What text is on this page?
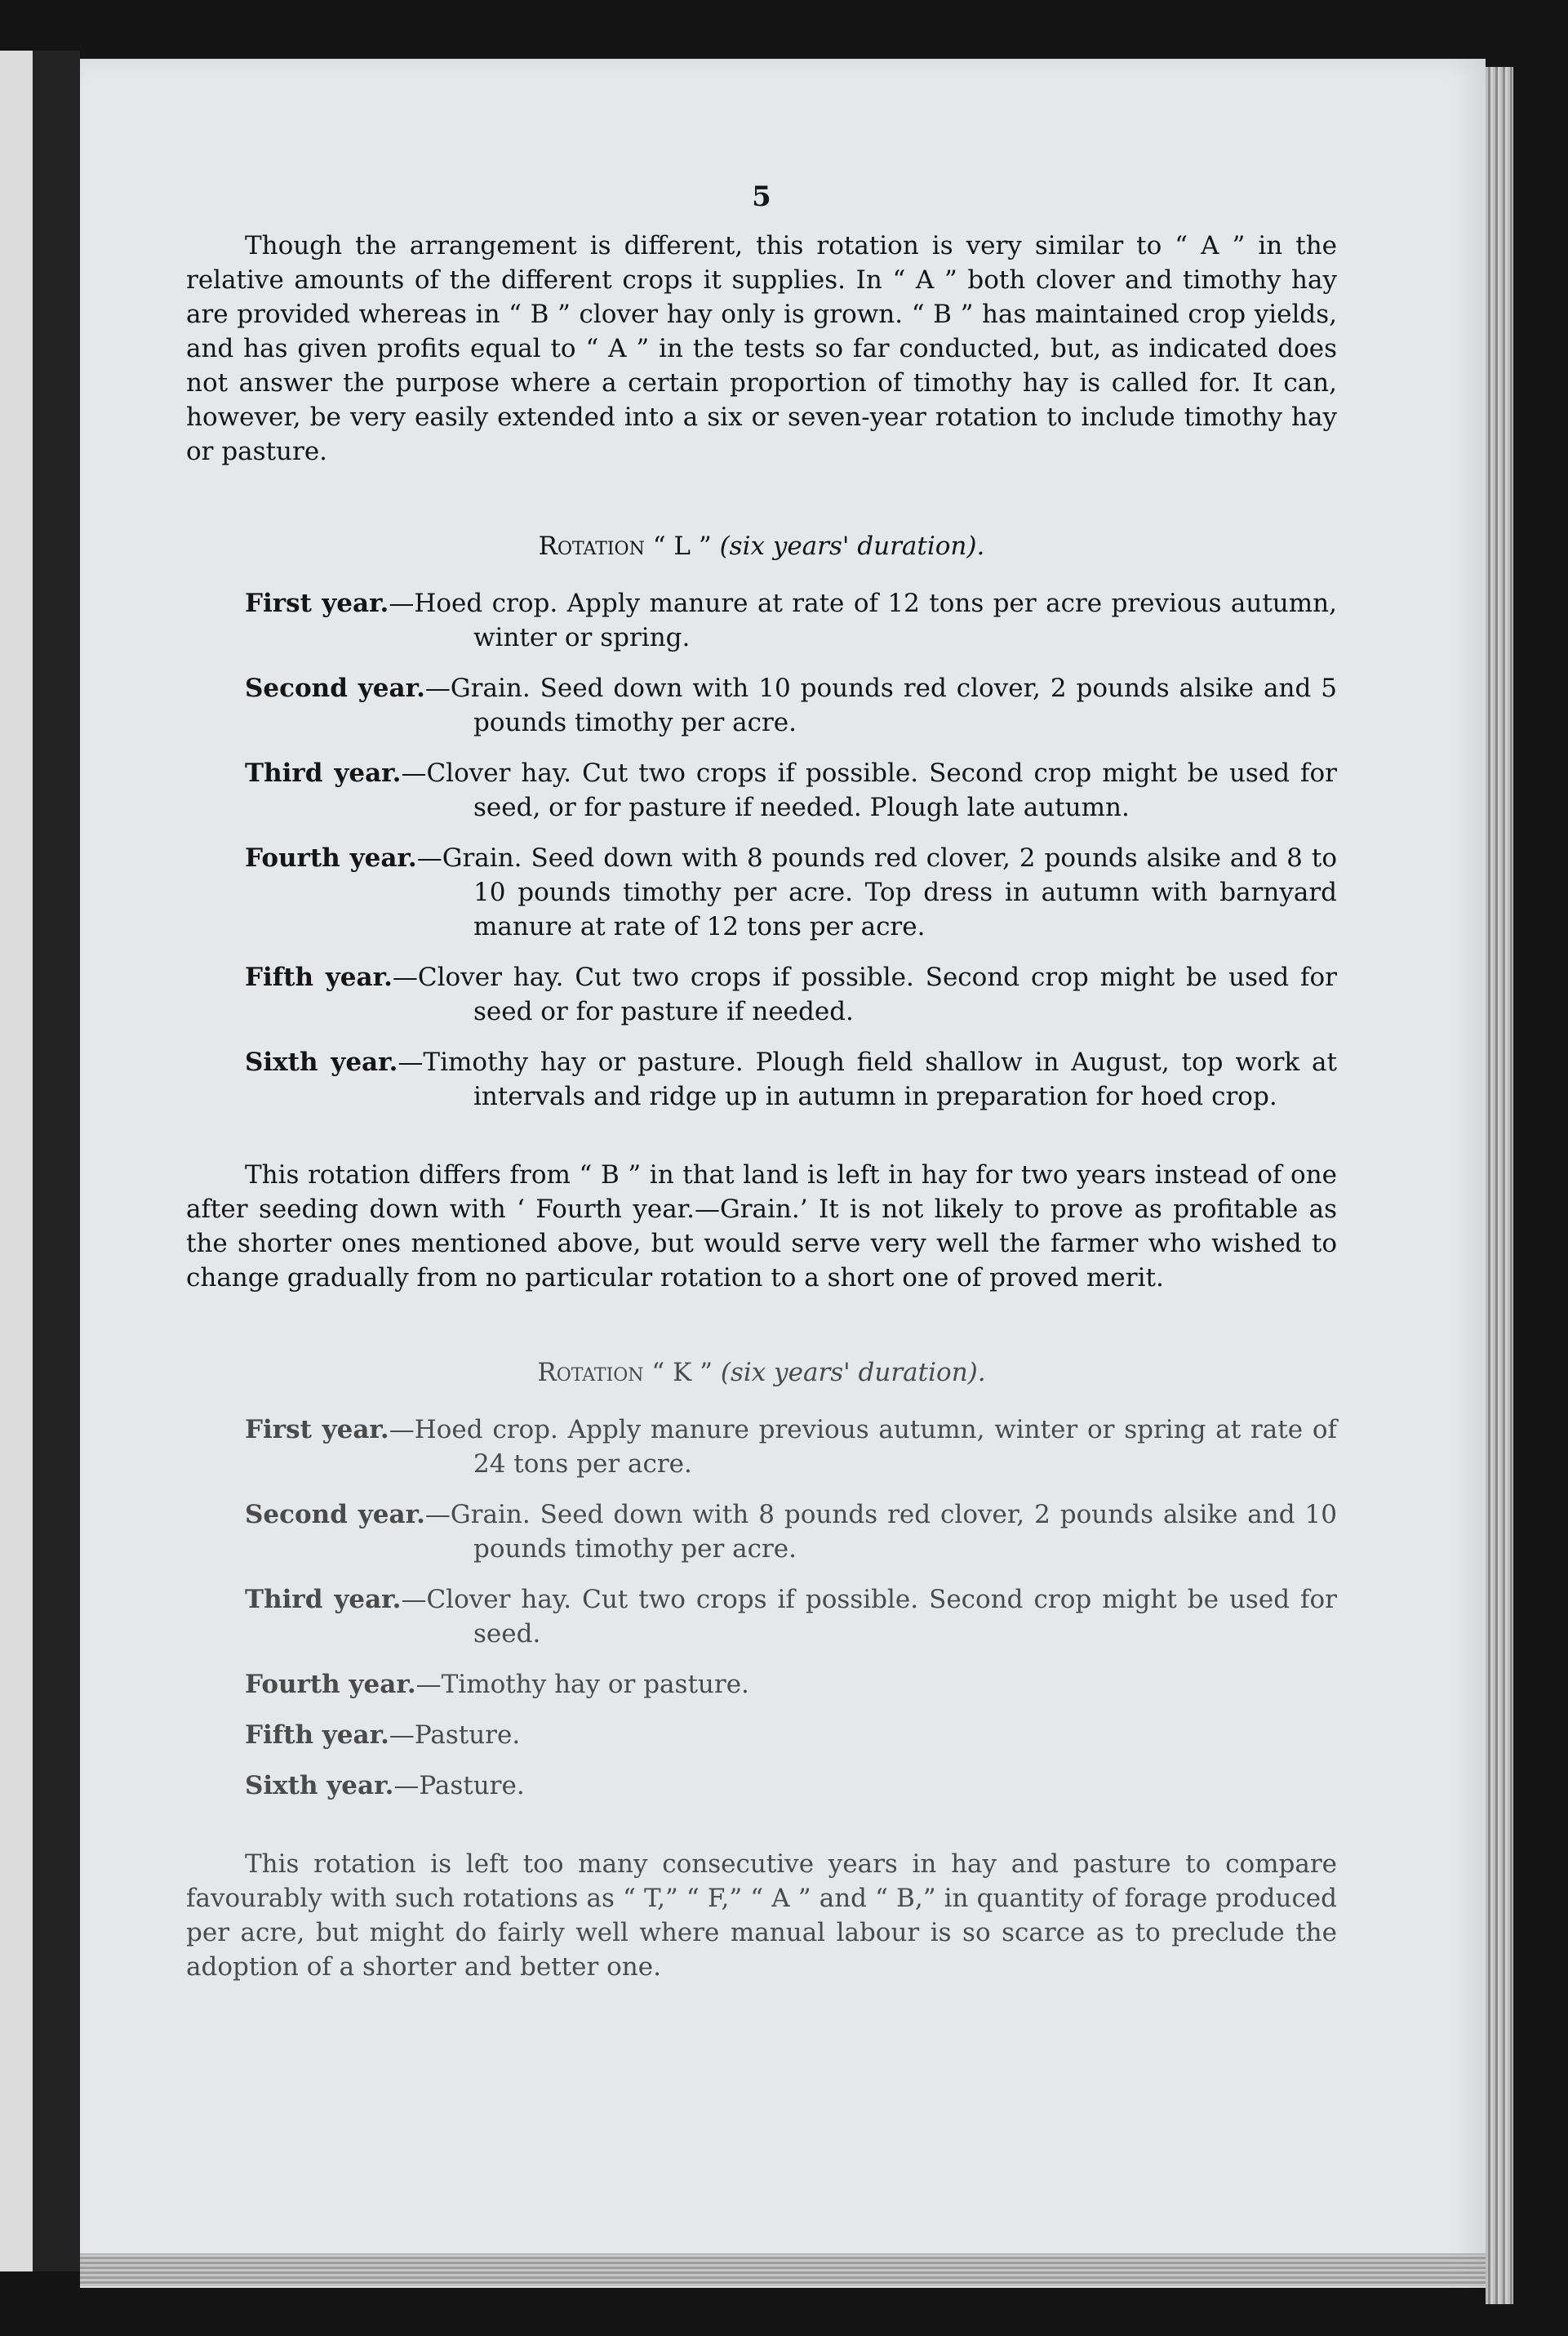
5

Though the arrangement is different, this rotation is very similar to “ A ” in the relative amounts of the different crops it supplies. In “ A ” both clover and timothy hay are provided whereas in “ B ” clover hay only is grown. “ B ” has maintained crop yields, and has given profits equal to “ A ” in the tests so far conducted, but, as indicated does not answer the purpose where a certain proportion of timothy hay is called for. It can, however, be very easily extended into a six or seven-year rotation to include timothy hay or pasture.

Rotation “ L ” (six years' duration).
First year.—Hoed crop. Apply manure at rate of 12 tons per acre previous autumn, winter or spring.
Second year.—Grain. Seed down with 10 pounds red clover, 2 pounds alsike and 5 pounds timothy per acre.
Third year.—Clover hay. Cut two crops if possible. Second crop might be used for seed, or for pasture if needed. Plough late autumn.
Fourth year.—Grain. Seed down with 8 pounds red clover, 2 pounds alsike and 8 to 10 pounds timothy per acre. Top dress in autumn with barnyard manure at rate of 12 tons per acre.
Fifth year.—Clover hay. Cut two crops if possible. Second crop might be used for seed or for pasture if needed.
Sixth year.—Timothy hay or pasture. Plough field shallow in August, top work at intervals and ridge up in autumn in preparation for hoed crop.

This rotation differs from “ B ” in that land is left in hay for two years instead of one after seeding down with ‘ Fourth year.—Grain.’ It is not likely to prove as profitable as the shorter ones mentioned above, but would serve very well the farmer who wished to change gradually from no particular rotation to a short one of proved merit.

Rotation “ K ” (six years' duration).
First year.—Hoed crop. Apply manure previous autumn, winter or spring at rate of 24 tons per acre.
Second year.—Grain. Seed down with 8 pounds red clover, 2 pounds alsike and 10 pounds timothy per acre.
Third year.—Clover hay. Cut two crops if possible. Second crop might be used for seed.
Fourth year.—Timothy hay or pasture.
Fifth year.—Pasture.
Sixth year.—Pasture.

This rotation is left too many consecutive years in hay and pasture to compare favourably with such rotations as “ T,” “ F,” “ A ” and “ B,” in quantity of forage produced per acre, but might do fairly well where manual labour is so scarce as to preclude the adoption of a shorter and better one.
